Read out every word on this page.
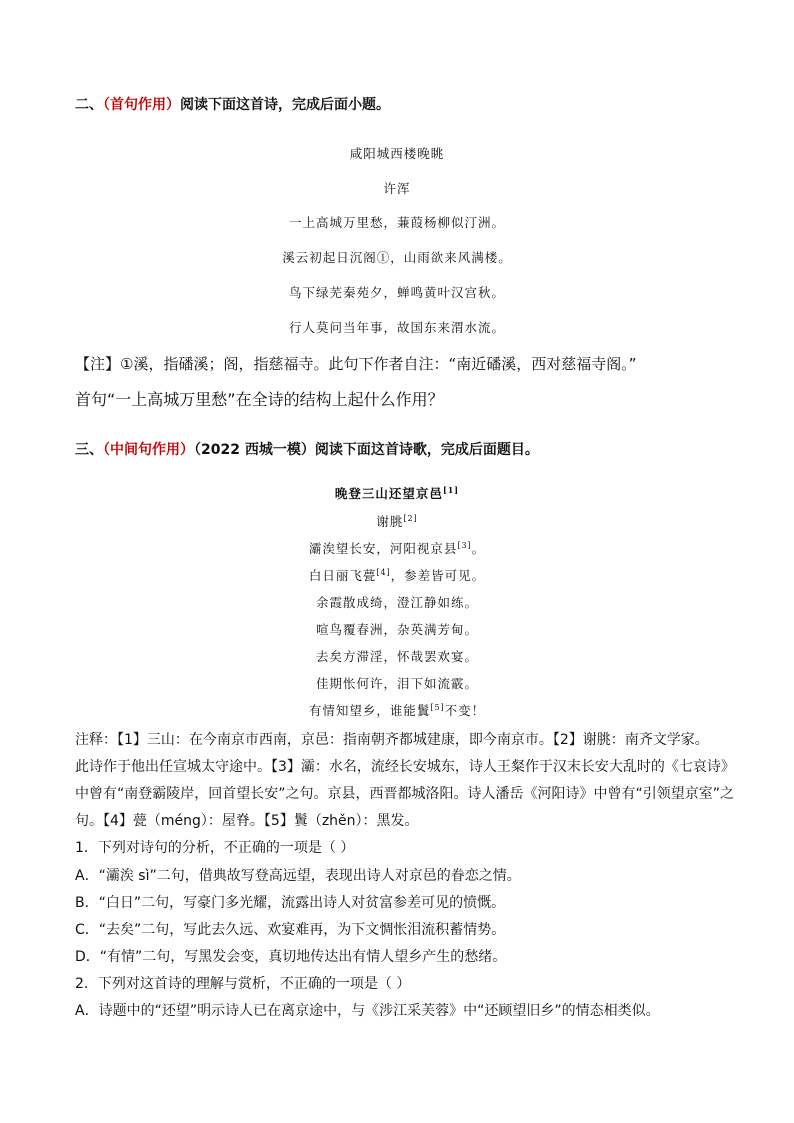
二、（首句作用）阅读下面这首诗，完成后面小题。
咸阳城西楼晚眺
许浑
一上高城万里愁，蒹葭杨柳似汀洲。
溪云初起日沉阁①，山雨欲来风满楼。
鸟下绿芜秦苑夕，蝉鸣黄叶汉宫秋。
行人莫问当年事，故国东来渭水流。
【注】①溪，指磻溪；阁，指慈福寺。此句下作者自注：“南近磻溪，西对慈福寺阁。”
首句“一上高城万里愁”在全诗的结构上起什么作用？
三、（中间句作用）（2022 西城一模）阅读下面这首诗歌，完成后面题目。
晚登三山还望京邑[1]
谢朓[2]
灞涘望长安，河阳视京县[3]。
白日丽飞甍[4]，参差皆可见。
余霞散成绮，澄江静如练。
喧鸟覆春洲，杂英满芳甸。
去矣方滞淫，怀哉罢欢宴。
佳期怅何许，泪下如流霰。
有情知望乡，谁能鬒[5]不变！
注释：【1】三山：在今南京市西南，京邑：指南朝齐都城建康，即今南京市。【2】谢朓：南齐文学家。
此诗作于他出任宣城太守途中。【3】灞：水名，流经长安城东，诗人王粲作于汉末长安大乱时的《七哀诗》
中曾有“南登霸陵岸，回首望长安”之句。京县，西晋都城洛阳。诗人潘岳《河阳诗》中曾有“引领望京室”之
句。【4】甍（méng）：屋脊。【5】鬒（zhěn）：黑发。
1．下列对诗句的分析，不正确的一项是（ ）
A．“灞涘 sì”二句，借典故写登高远望，表现出诗人对京邑的眷恋之情。
B．“白日”二句，写豪门多光耀，流露出诗人对贫富参差可见的愤慨。
C．“去矣”二句，写此去久远、欢宴难再，为下文惆怅泪流积蓄情势。
D．“有情”二句，写黑发会变，真切地传达出有情人望乡产生的愁绪。
2．下列对这首诗的理解与赏析，不正确的一项是（ ）
A．诗题中的“还望”明示诗人已在离京途中，与《涉江采芙蓉》中“还顾望旧乡”的情态相类似。
